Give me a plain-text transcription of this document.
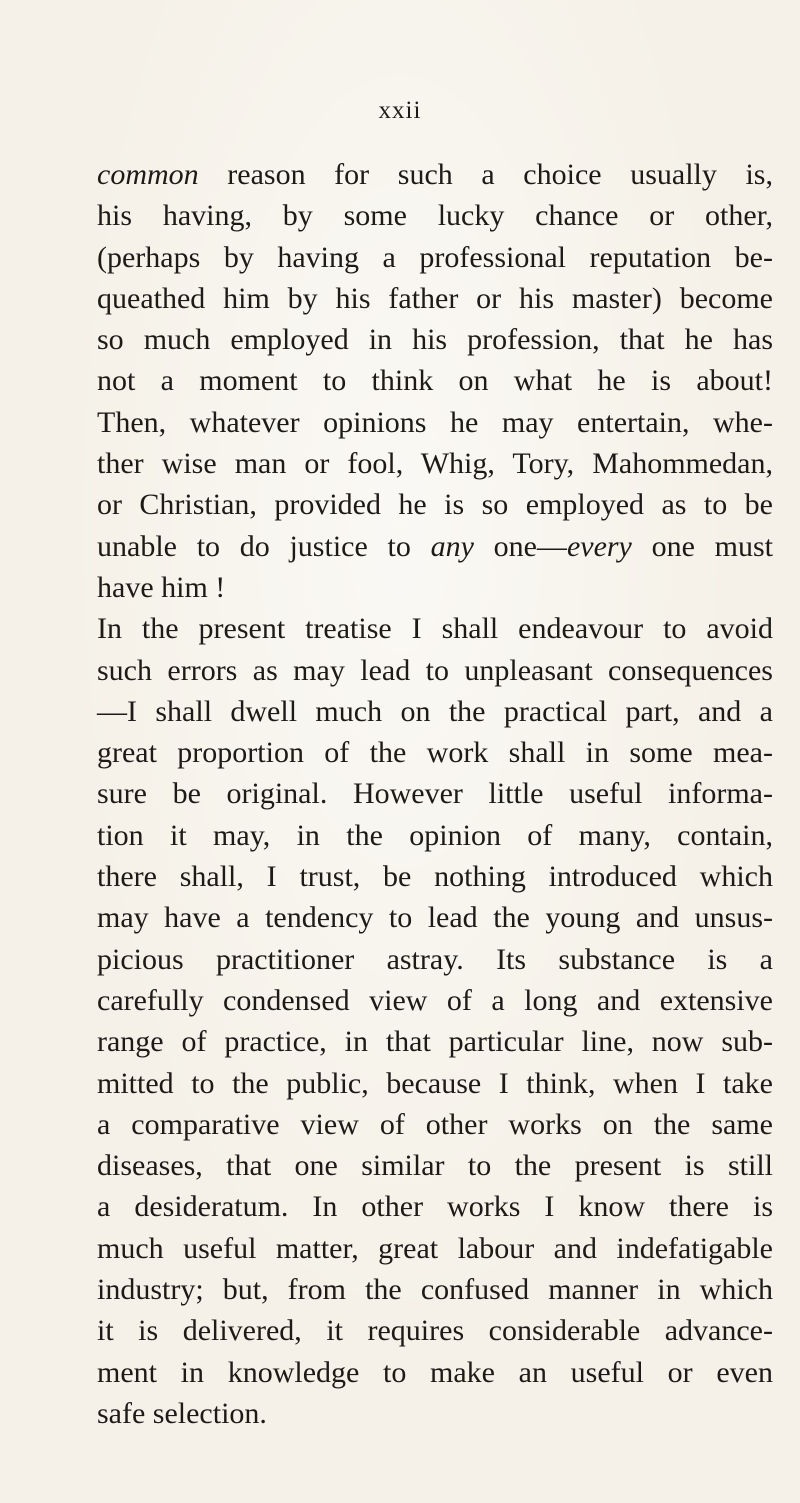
xxii
common reason for such a choice usually is,
his having, by some lucky chance or other,
(perhaps by having a professional reputation be-
queathed him by his father or his master) become
so much employed in his profession, that he has
not a moment to think on what he is about!
Then, whatever opinions he may entertain, whe-
ther wise man or fool, Whig, Tory, Mahommedan,
or Christian, provided he is so employed as to be
unable to do justice to any one—every one must
have him !
In the present treatise I shall endeavour to avoid
such errors as may lead to unpleasant consequences
—I shall dwell much on the practical part, and a
great proportion of the work shall in some mea-
sure be original. However little useful informa-
tion it may, in the opinion of many, contain,
there shall, I trust, be nothing introduced which
may have a tendency to lead the young and unsus-
picious practitioner astray. Its substance is a
carefully condensed view of a long and extensive
range of practice, in that particular line, now sub-
mitted to the public, because I think, when I take
a comparative view of other works on the same
diseases, that one similar to the present is still
a desideratum. In other works I know there is
much useful matter, great labour and indefatigable
industry; but, from the confused manner in which
it is delivered, it requires considerable advance-
ment in knowledge to make an useful or even
safe selection.
